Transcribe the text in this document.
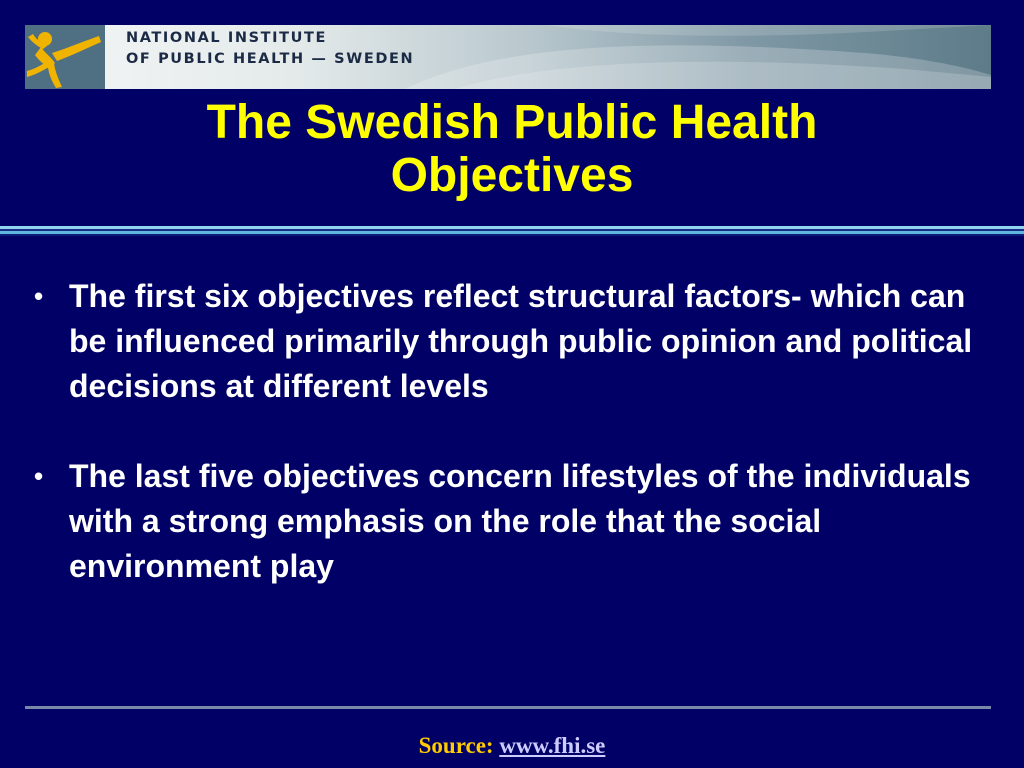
NATIONAL INSTITUTE
OF PUBLIC HEALTH — SWEDEN
The Swedish Public Health
Objectives
• The first six objectives reflect structural factors- which can be influenced primarily through public opinion and political decisions at different levels
• The last five objectives concern lifestyles of the individuals with a strong emphasis on the role that the social environment play
Source: www.fhi.se
